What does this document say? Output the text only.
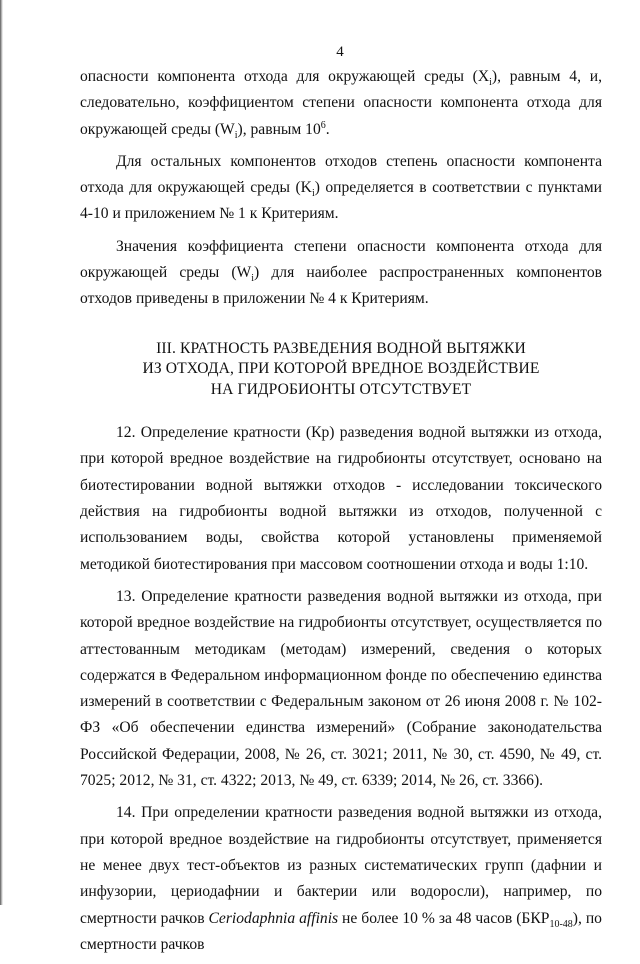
4

опасности компонента отхода для окружающей среды $(X_i)$, равным 4, и, следовательно, коэффициентом степени опасности компонента отхода для окружающей среды $(W_i)$, равным $10^6$.

Для остальных компонентов отходов степень опасности компонента отхода для окружающей среды $(K_i)$ определяется в соответствии с пунктами 4-10 и приложением № 1 к Критериям.

Значения коэффициента степени опасности компонента отхода для окружающей среды $(W_i)$ для наиболее распространенных компонентов отходов приведены в приложении № 4 к Критериям.

III. КРАТНОСТЬ РАЗВЕДЕНИЯ ВОДНОЙ ВЫТЯЖКИ
ИЗ ОТХОДА, ПРИ КОТОРОЙ ВРЕДНОЕ ВОЗДЕЙСТВИЕ
НА ГИДРОБИОНТЫ ОТСУТСТВУЕТ

12. Определение кратности (Кр) разведения водной вытяжки из отхода, при которой вредное воздействие на гидробионты отсутствует, основано на биотестировании водной вытяжки отходов - исследовании токсического действия на гидробионты водной вытяжки из отходов, полученной с использованием воды, свойства которой установлены применяемой методикой биотестирования при массовом соотношении отхода и воды 1:10.

13. Определение кратности разведения водной вытяжки из отхода, при которой вредное воздействие на гидробионты отсутствует, осуществляется по аттестованным методикам (методам) измерений, сведения о которых содержатся в Федеральном информационном фонде по обеспечению единства измерений в соответствии с Федеральным законом от 26 июня 2008 г. № 102-ФЗ «Об обеспечении единства измерений» (Собрание законодательства Российской Федерации, 2008, № 26, ст. 3021; 2011, № 30, ст. 4590, № 49, ст. 7025; 2012, № 31, ст. 4322; 2013, № 49, ст. 6339; 2014, № 26, ст. 3366).

14. При определении кратности разведения водной вытяжки из отхода, при которой вредное воздействие на гидробионты отсутствует, применяется не менее двух тест-объектов из разных систематических групп (дафнии и инфузории, цериодафнии и бактерии или водоросли), например, по смертности рачков Ceriodaphnia affinis не более 10 % за 48 часов $(БКР_{10-48})$, по смертности рачков
